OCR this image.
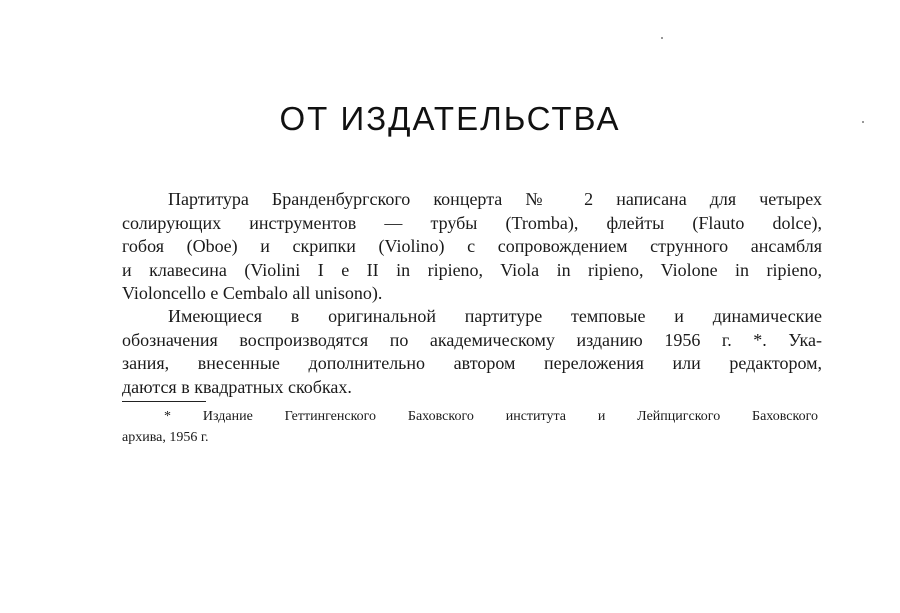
ОТ ИЗДАТЕЛЬСТВА
Партитура Бранденбургского концерта № 2 написана для четырех
солирующих инструментов — трубы (Tromba), флейты (Flauto dolce),
гобоя (Oboe) и скрипки (Violino) с сопровождением струнного ансамбля
и клавесина (Violini I e II in ripieno, Viola in ripieno, Violone in ripieno,
Violoncello e Cembalo all unisono).
Имеющиеся в оригинальной партитуре темповые и динамические
обозначения воспроизводятся по академическому изданию 1956 г. *. Ука-
зания, внесенные дополнительно автором переложения или редактором,
даются в квадратных скобках.
* Издание Геттингенского Баховского института и Лейпцигского Баховского
архива, 1956 г.
